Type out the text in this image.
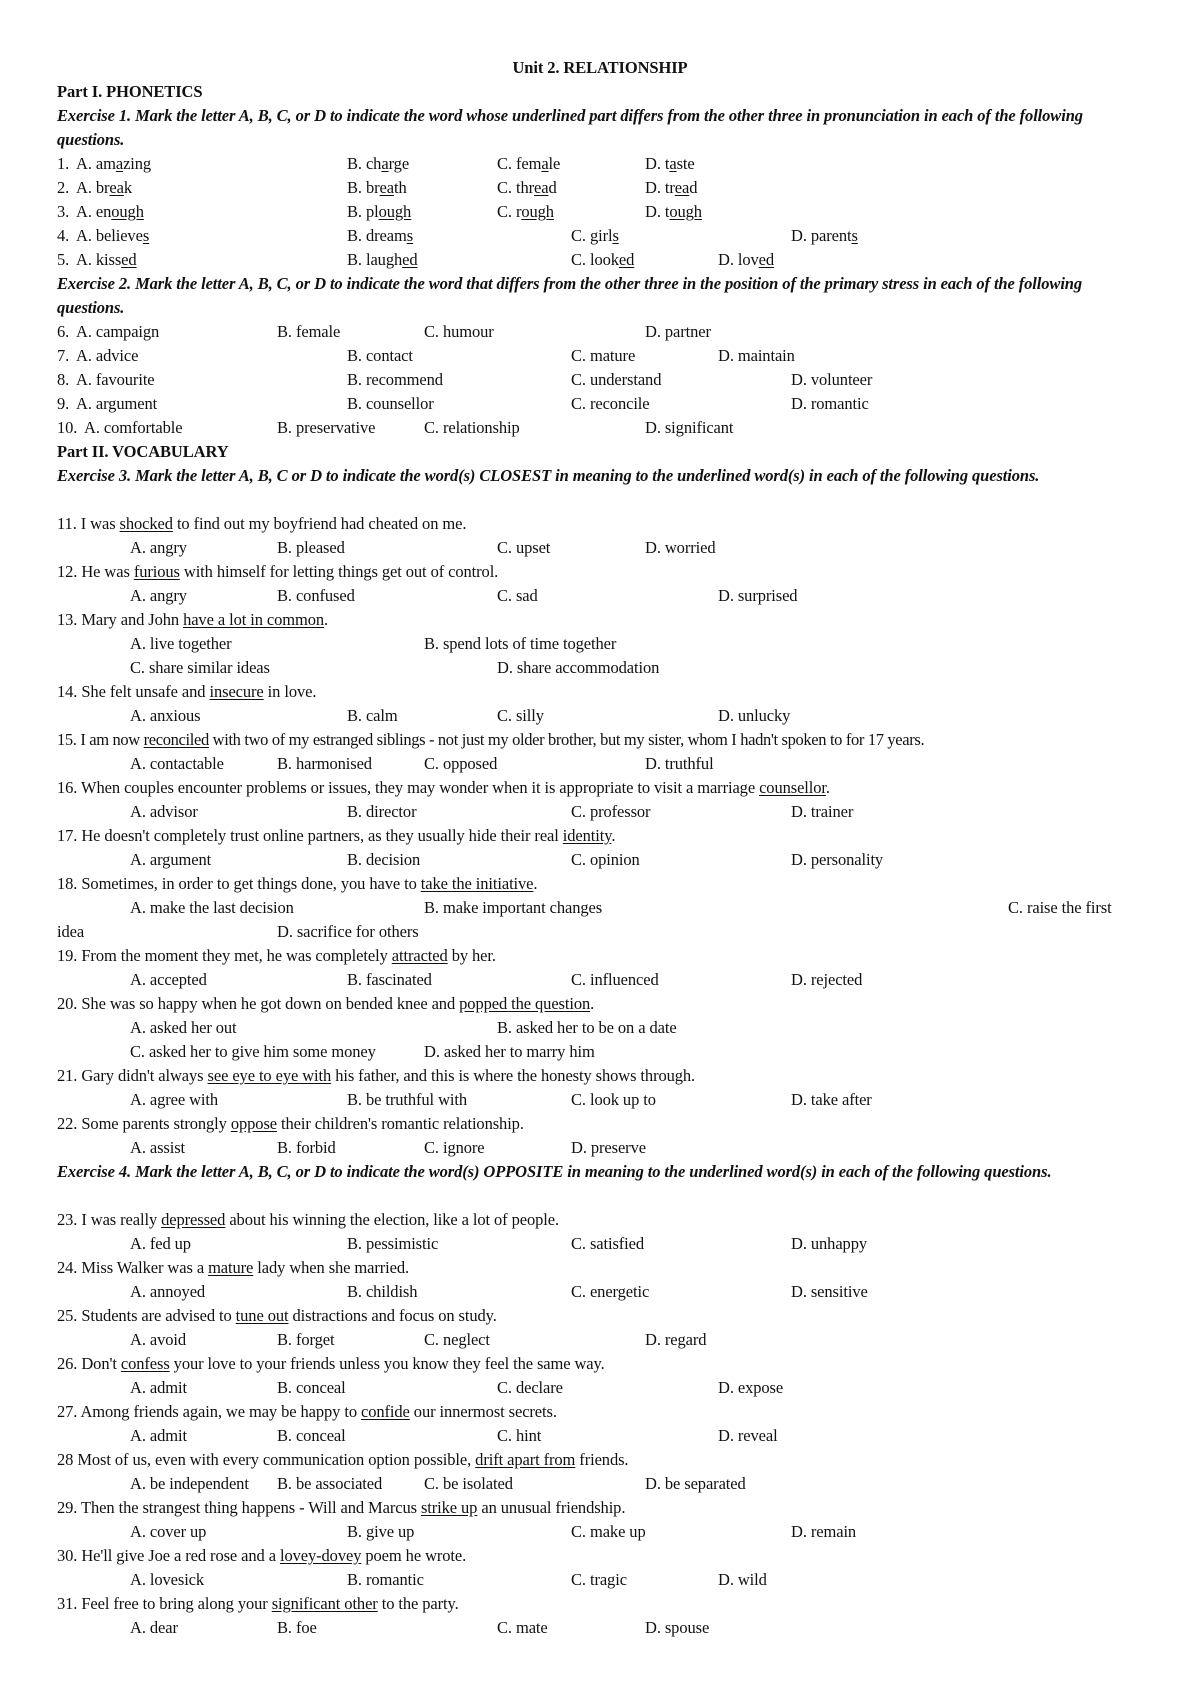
Unit 2. RELATIONSHIP
Part I. PHONETICS
Exercise 1. Mark the letter A, B, C, or D to indicate the word whose underlined part differs from the other three in pronunciation in each of the following questions.
1. A. amazing	B. charge	C. female	D. taste
2. A. break	B. breath	C. thread	D. tread
3. A. enough	B. plough	C. rough	D. tough
4. A. believes	B. dreams	C. girls	D. parents
5. A. kissed	B. laughed	C. looked	D. loved
Exercise 2. Mark the letter A, B, C, or D to indicate the word that differs from the other three in the position of the primary stress in each of the following questions.
6. A. campaign	B. female	C. humour	D. partner
7. A. advice	B. contact	C. mature	D. maintain
8. A. favourite	B. recommend	C. understand	D. volunteer
9. A. argument	B. counsellor	C. reconcile	D. romantic
10. A. comfortable	B. preservative	C. relationship	D. significant
Part II. VOCABULARY
Exercise 3. Mark the letter A, B, C or D to indicate the word(s) CLOSEST in meaning to the underlined word(s) in each of the following questions.
11. I was shocked to find out my boyfriend had cheated on me.
A. angry	B. pleased	C. upset	D. worried
12. He was furious with himself for letting things get out of control.
A. angry	B. confused	C. sad	D. surprised
13. Mary and John have a lot in common.
A. live together	B. spend lots of time together
C. share similar ideas	D. share accommodation
14. She felt unsafe and insecure in love.
A. anxious	B. calm	C. silly	D. unlucky
15. I am now reconciled with two of my estranged siblings - not just my older brother, but my sister, whom I hadn't spoken to for 17 years.
A. contactable	B. harmonised	C. opposed	D. truthful
16. When couples encounter problems or issues, they may wonder when it is appropriate to visit a marriage counsellor.
A. advisor	B. director	C. professor	D. trainer
17. He doesn't completely trust online partners, as they usually hide their real identity.
A. argument	B. decision	C. opinion	D. personality
18. Sometimes, in order to get things done, you have to take the initiative.
A. make the last decision	B. make important changes	C. raise the first
idea	D. sacrifice for others
19. From the moment they met, he was completely attracted by her.
A. accepted	B. fascinated	C. influenced	D. rejected
20. She was so happy when he got down on bended knee and popped the question.
A. asked her out	B. asked her to be on a date
C. asked her to give him some money	D. asked her to marry him
21. Gary didn't always see eye to eye with his father, and this is where the honesty shows through.
A. agree with	B. be truthful with	C. look up to	D. take after
22. Some parents strongly oppose their children's romantic relationship.
A. assist	B. forbid	C. ignore	D. preserve
Exercise 4. Mark the letter A, B, C, or D to indicate the word(s) OPPOSITE in meaning to the underlined word(s) in each of the following questions.
23. I was really depressed about his winning the election, like a lot of people.
A. fed up	B. pessimistic	C. satisfied	D. unhappy
24. Miss Walker was a mature lady when she married.
A. annoyed	B. childish	C. energetic	D. sensitive
25. Students are advised to tune out distractions and focus on study.
A. avoid	B. forget	C. neglect	D. regard
26. Don't confess your love to your friends unless you know they feel the same way.
A. admit	B. conceal	C. declare	D. expose
27. Among friends again, we may be happy to confide our innermost secrets.
A. admit	B. conceal	C. hint	D. reveal
28 Most of us, even with every communication option possible, drift apart from friends.
A. be independent B. be associated	C. be isolated	D. be separated
29. Then the strangest thing happens - Will and Marcus strike up an unusual friendship.
A. cover up	B. give up	C. make up	D. remain
30. He'll give Joe a red rose and a lovey-dovey poem he wrote.
A. lovesick	B. romantic	C. tragic	D. wild
31. Feel free to bring along your significant other to the party.
A. dear	B. foe	C. mate	D. spouse
